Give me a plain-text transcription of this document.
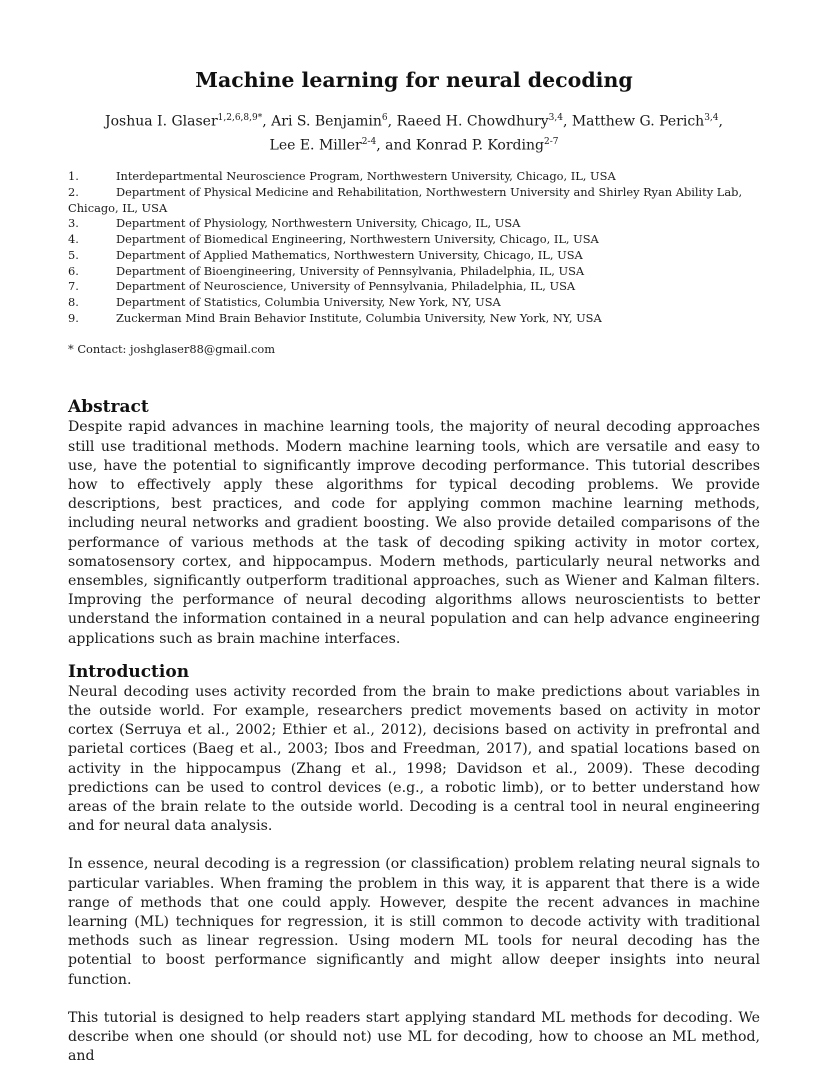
Machine learning for neural decoding
Joshua I. Glaser$^{1,2,6,8,9*}$, Ari S. Benjamin$^6$, Raeed H. Chowdhury$^{3,4}$, Matthew G. Perich$^{3,4}$,
Lee E. Miller$^{2-4}$, and Konrad P. Kording$^{2-7}$
1.	Interdepartmental Neuroscience Program, Northwestern University, Chicago, IL, USA
2.	Department of Physical Medicine and Rehabilitation, Northwestern University and Shirley Ryan Ability Lab, Chicago, IL, USA
3.	Department of Physiology, Northwestern University, Chicago, IL, USA
4.	Department of Biomedical Engineering, Northwestern University, Chicago, IL, USA
5.	Department of Applied Mathematics, Northwestern University, Chicago, IL, USA
6.	Department of Bioengineering, University of Pennsylvania, Philadelphia, IL, USA
7.	Department of Neuroscience, University of Pennsylvania, Philadelphia, IL, USA
8.	Department of Statistics, Columbia University, New York, NY, USA
9.	Zuckerman Mind Brain Behavior Institute, Columbia University, New York, NY, USA
* Contact: joshglaser88@gmail.com
Abstract

Despite rapid advances in machine learning tools, the majority of neural decoding approaches still use traditional methods. Modern machine learning tools, which are versatile and easy to use, have the potential to significantly improve decoding performance. This tutorial describes how to effectively apply these algorithms for typical decoding problems. We provide descriptions, best practices, and code for applying common machine learning methods, including neural networks and gradient boosting. We also provide detailed comparisons of the performance of various methods at the task of decoding spiking activity in motor cortex, somatosensory cortex, and hippocampus. Modern methods, particularly neural networks and ensembles, significantly outperform traditional approaches, such as Wiener and Kalman filters. Improving the performance of neural decoding algorithms allows neuroscientists to better understand the information contained in a neural population and can help advance engineering applications such as brain machine interfaces.

Introduction

Neural decoding uses activity recorded from the brain to make predictions about variables in the outside world. For example, researchers predict movements based on activity in motor cortex (Serruya et al., 2002; Ethier et al., 2012), decisions based on activity in prefrontal and parietal cortices (Baeg et al., 2003; Ibos and Freedman, 2017), and spatial locations based on activity in the hippocampus (Zhang et al., 1998; Davidson et al., 2009). These decoding predictions can be used to control devices (e.g., a robotic limb), or to better understand how areas of the brain relate to the outside world. Decoding is a central tool in neural engineering and for neural data analysis.

In essence, neural decoding is a regression (or classification) problem relating neural signals to particular variables. When framing the problem in this way, it is apparent that there is a wide range of methods that one could apply. However, despite the recent advances in machine learning (ML) techniques for regression, it is still common to decode activity with traditional methods such as linear regression. Using modern ML tools for neural decoding has the potential to boost performance significantly and might allow deeper insights into neural function.

This tutorial is designed to help readers start applying standard ML methods for decoding. We describe when one should (or should not) use ML for decoding, how to choose an ML method, and
